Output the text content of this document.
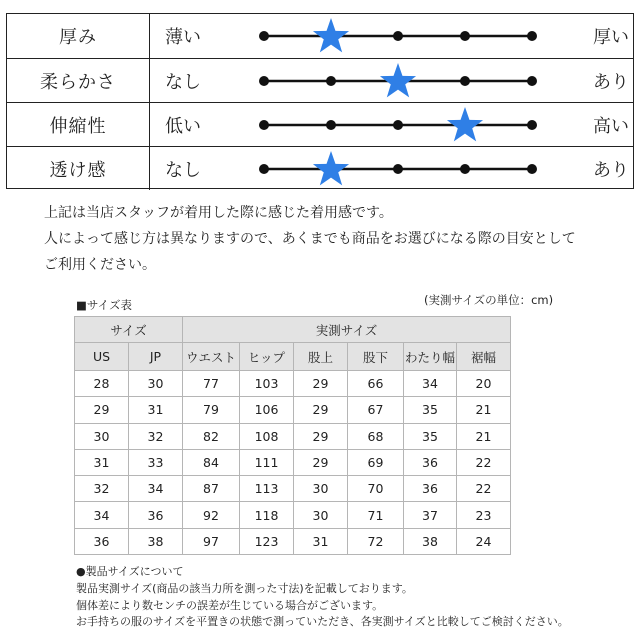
厚み	薄い	厚い
柔らかさ	なし	あり
伸縮性	低い	高い
透け感	なし	あり
上記は当店スタッフが着用した際に感じた着用感です。
人によって感じ方は異なりますので、あくまでも商品をお選びになる際の目安として
ご利用ください。
■サイズ表	(実測サイズの単位：cm)
サイズ		実測サイズ					
US	JP	ウエスト	ヒップ	股上	股下	わたり幅	裾幅
28	30	77	103	29	66	34	20
29	31	79	106	29	67	35	21
30	32	82	108	29	68	35	21
31	33	84	111	29	69	36	22
32	34	87	113	30	70	36	22
34	36	92	118	30	71	37	23
36	38	97	123	31	72	38	24
●製品サイズについて
製品実測サイズ(商品の該当力所を測った寸法)を記載しております。
個体差により数センチの誤差が生じている場合がございます。
お手持ちの服のサイズを平置きの状態で測っていただき、各実測サイズと比較してご検討ください。
